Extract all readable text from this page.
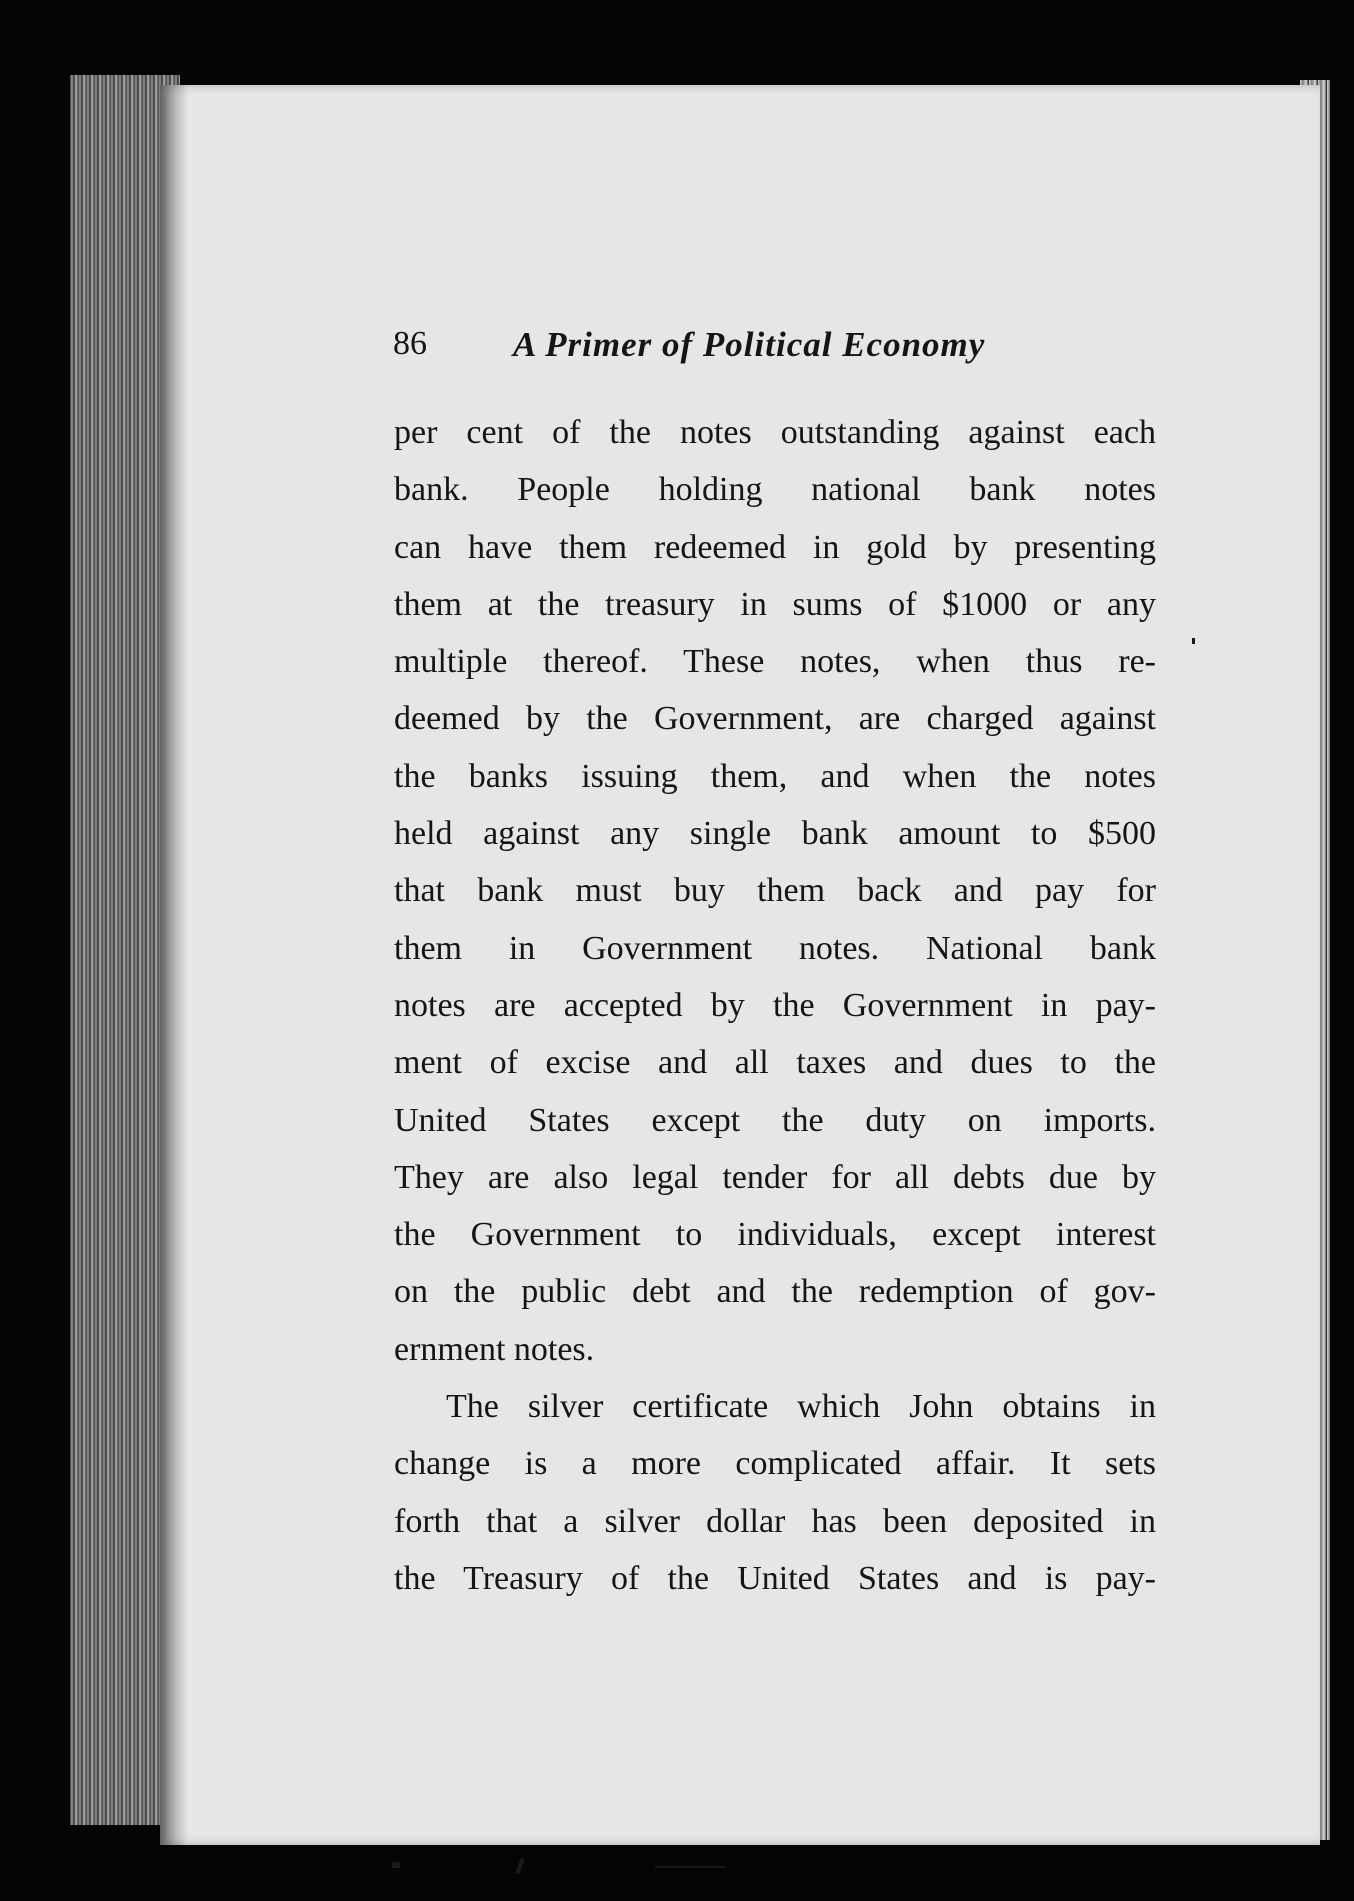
86 A Primer of Political Economy
per cent of the notes outstanding against each
bank. People holding national bank notes
can have them redeemed in gold by presenting
them at the treasury in sums of $1000 or any
multiple thereof. These notes, when thus re-
deemed by the Government, are charged against
the banks issuing them, and when the notes
held against any single bank amount to $500
that bank must buy them back and pay for
them in Government notes. National bank
notes are accepted by the Government in pay-
ment of excise and all taxes and dues to the
United States except the duty on imports.
They are also legal tender for all debts due by
the Government to individuals, except interest
on the public debt and the redemption of gov-
ernment notes.
The silver certificate which John obtains in
change is a more complicated affair. It sets
forth that a silver dollar has been deposited in
the Treasury of the United States and is pay-
